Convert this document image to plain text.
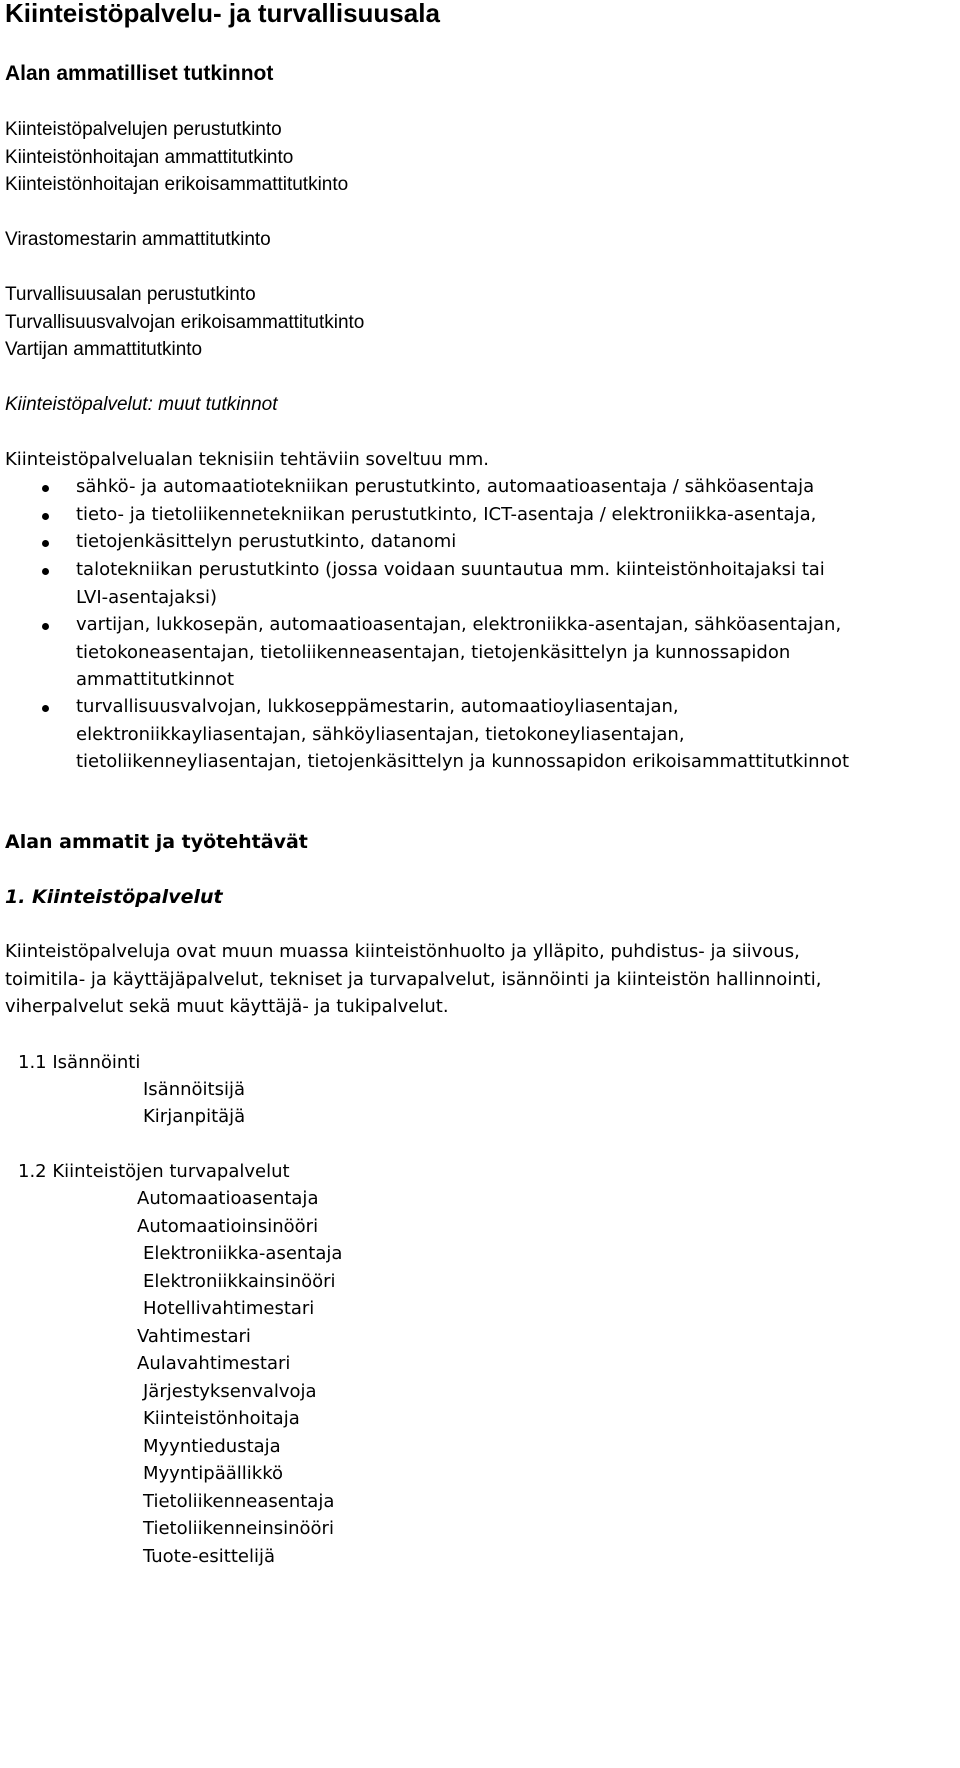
Kiinteistöpalvelu- ja turvallisuusala
Alan ammatilliset tutkinnot
Kiinteistöpalvelujen perustutkinto
Kiinteistönhoitajan ammattitutkinto
Kiinteistönhoitajan erikoisammattitutkinto
Virastomestarin ammattitutkinto
Turvallisuusalan perustutkinto
Turvallisuusvalvojan erikoisammattitutkinto
Vartijan ammattitutkinto
Kiinteistöpalvelut: muut tutkinnot
Kiinteistöpalvelualan teknisiin tehtäviin soveltuu mm.
sähkö- ja automaatiotekniikan perustutkinto, automaatioasentaja / sähköasentaja
tieto- ja tietoliikennetekniikan perustutkinto, ICT-asentaja / elektroniikka-asentaja,
tietojenkäsittelyn perustutkinto, datanomi
talotekniikan perustutkinto (jossa voidaan suuntautua mm. kiinteistönhoitajaksi tai
LVI-asentajaksi)
vartijan, lukkosepän, automaatioasentajan, elektroniikka-asentajan, sähköasentajan,
tietokoneasentajan, tietoliikenneasentajan, tietojenkäsittelyn ja kunnossapidon
ammattitutkinnot
turvallisuusvalvojan, lukkoseppämestarin, automaatioyliasentajan,
elektroniikkayliasentajan, sähköyliasentajan, tietokoneyliasentajan,
tietoliikenneyliasentajan, tietojenkäsittelyn ja kunnossapidon erikoisammattitutkinnot
Alan ammatit ja työtehtävät
1. Kiinteistöpalvelut
Kiinteistöpalveluja ovat muun muassa kiinteistönhuolto ja ylläpito, puhdistus- ja siivous,
toimitila- ja käyttäjäpalvelut, tekniset ja turvapalvelut, isännöinti ja kiinteistön hallinnointi,
viherpalvelut sekä muut käyttäjä- ja tukipalvelut.
1.1 Isännöinti
Isännöitsijä
Kirjanpitäjä
1.2 Kiinteistöjen turvapalvelut
Automaatioasentaja
Automaatioinsinööri
Elektroniikka-asentaja
Elektroniikkainsinööri
Hotellivahtimestari
Vahtimestari
Aulavahtimestari
Järjestyksenvalvoja
Kiinteistönhoitaja
Myyntiedustaja
Myyntipäällikkö
Tietoliikenneasentaja
Tietoliikenneinsinööri
Tuote-esittelijä
